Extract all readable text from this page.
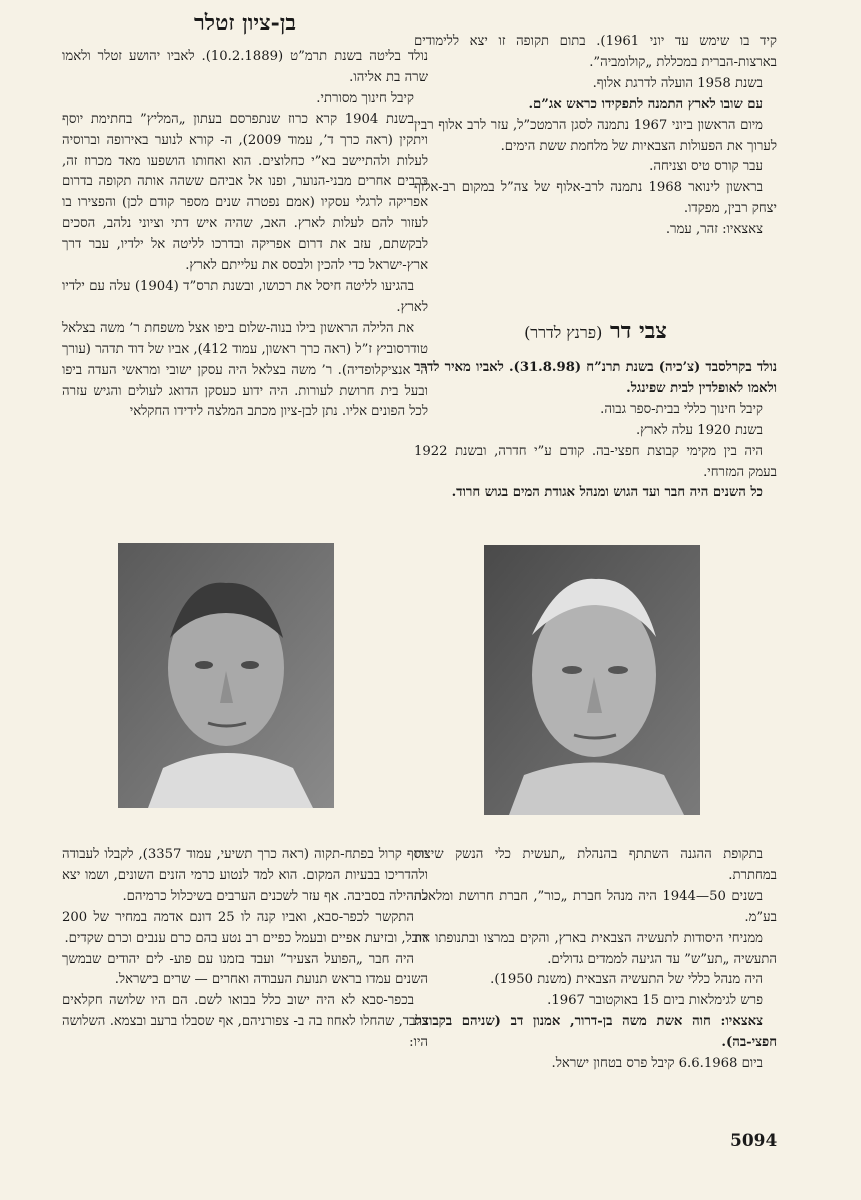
קיד בו שימש עד יוני 1961). בתום תקופה זו יצא ללימודים בארצות-הברית במכללת „קולומביה”.

בשנת 1958 הועלה לדרגת אלוף.

עם שובו לארץ התמנה לתפקידו כראש אג”ם.

מיום הראשון ביוני 1967 נתמנה לסגן הרמטכ”ל, עזר לרב אלוף רבין לערוך את הפעולות הצבאיות של מלחמת ששת הימים.

עבר קורס טיס וצניחה.

בראשון לינואר 1968 נתמנה לרב-אלוף של צה”ל במקום רב-אלוף יצחק רבין, מפקדו.

צאצאיו: זהר, עמר.

צבי דר (פרנץ לדרר)

נולד בקרלסבד (צ’כיה) בשנת תרנ”ח (31.8.98). לאביו מאיר לדרר ולאמו לאופלדין לבית שפינגל.

קיבל חינוך כללי בבית-ספר גבוה.

בשנת 1920 עלה לארץ.

היה בין מקימי קבוצת חפצי-בה. קודם ע”י חדרה, ובשנת 1922 בעמק המזרחי.

כל השנים היה חבר ועד הגוש ומנהל אגודת המים בגוש חרוד.

בן-ציון זטלר

נולד בליטה בשנת תרמ”ט (10.2.1889). לאביו יהושע זטלר ולאמו שרה בת אליהו.

קיבל חינוך מסורתי.

בשנת 1904 קרא כרוז שנתפרסם בעתון „המליץ” בחתימת יוסף ויתקין (ראה כרך ד’, עמוד 2009), ה- קורא לנוער באירופה וברוסיה לעלות ולהתיישב בא”י כחלוצים. הוא ואחותו הושפעו מאד מכרוז זה, כרבים אחרים מבני-הנוער, ופנו אל אביהם ששהה אותה תקופה בדרום אפריקה לרגלי עסקיו (אמם נפטרה שנים מספר קודם לכן) והפצירו בו לעזור להם לעלות לארץ. האב, שהיה איש דתי וציוני נלהב, הסכים לבקשתם, עזב את דרום אפריקה ובדרכו לליטה אל ילדיו, עבר דרך ארץ-ישראל כדי להכין ולבסס את עלייתם לארץ.

בהגיעו לליטה חיסל את רכושו, ובשנת תרס”ד (1904) עלה עם ילדיו לארץ.

את הלילה הראשון בילו בנוה-שלום ביפו אצל משפחת ר’ משה בצלאל טודרסוביץ ז”ל (ראה כרך ראשון, עמוד 412), אביו של דוד תדהר (עורך ה- אנציקלופדיה). ר’ משה בצלאל היה עסקן ישובי ומראשי העדה ביפו ובעל בית חרושת לעורות. היה ידוע כעסקן הדואג לעולים והגיש עזרה לכל הפונים אליו. נתן לבן-ציון מכתב המלצה לידידו החקלאי

בתקופת ההגנה השתתף בהנהלת „תעשית כלי הנשק שיצרו במחתרת.

בשנים 50—1944 היה מנהל חברת „כור”, חברת חרושת ומלאכה בע”מ.

ממניחי היסודות לתעשיה הצבאית בארץ, והקים במרצו ובתנופתו את התעשיה „תע”ש” עד הגיעה לממדים גדולים.

היה מנהל כללי של התעשיה הצבאית (משנת 1950).

פרש לגימלאות ביום 15 באוקטובר 1967.

צאצאיו: חוה אשת משה בן-דרור, אמנון דב (שניהם בקבוצת חפצי-בה).

ביום 6.6.1968 קיבל פרס בטחון ישראל.

יוסף קרול בפתח-תקוה (ראה כרך תשיעי, עמוד 3357), לקבלו לעבודה ולהדריכו בבעיות המקום. הוא למד לנטוע כרמי הזנים השונים, ושמו יצא לתהילה בסביבה. אף עזר לשכנים הערבים בשיכלול כרמיהם.

התקשר לכפר-סבא, ואביו קנה לו 25 דונם אדמה במחיר של 200 רובל, ובזיעת אפיים ובעמל כפיים רב נטע בהם כרם ענבים וכרם שקדים.

היה חבר „הפועל הצעיר” ועבד בזמנו עם פוע- לים יהודים שבמשך השנים עמדו בראש תנועת העבודה ואחרים — שרים בישראל.

בכפר-סבא לא היה ישוב כלל בבואו לשם. הם היו שלושה חקלאים בלבד, שהחלו לאחוז בה ב- צפורניהם, אף שסבלו ברעב ובצמא. השלושה היו:

5094
